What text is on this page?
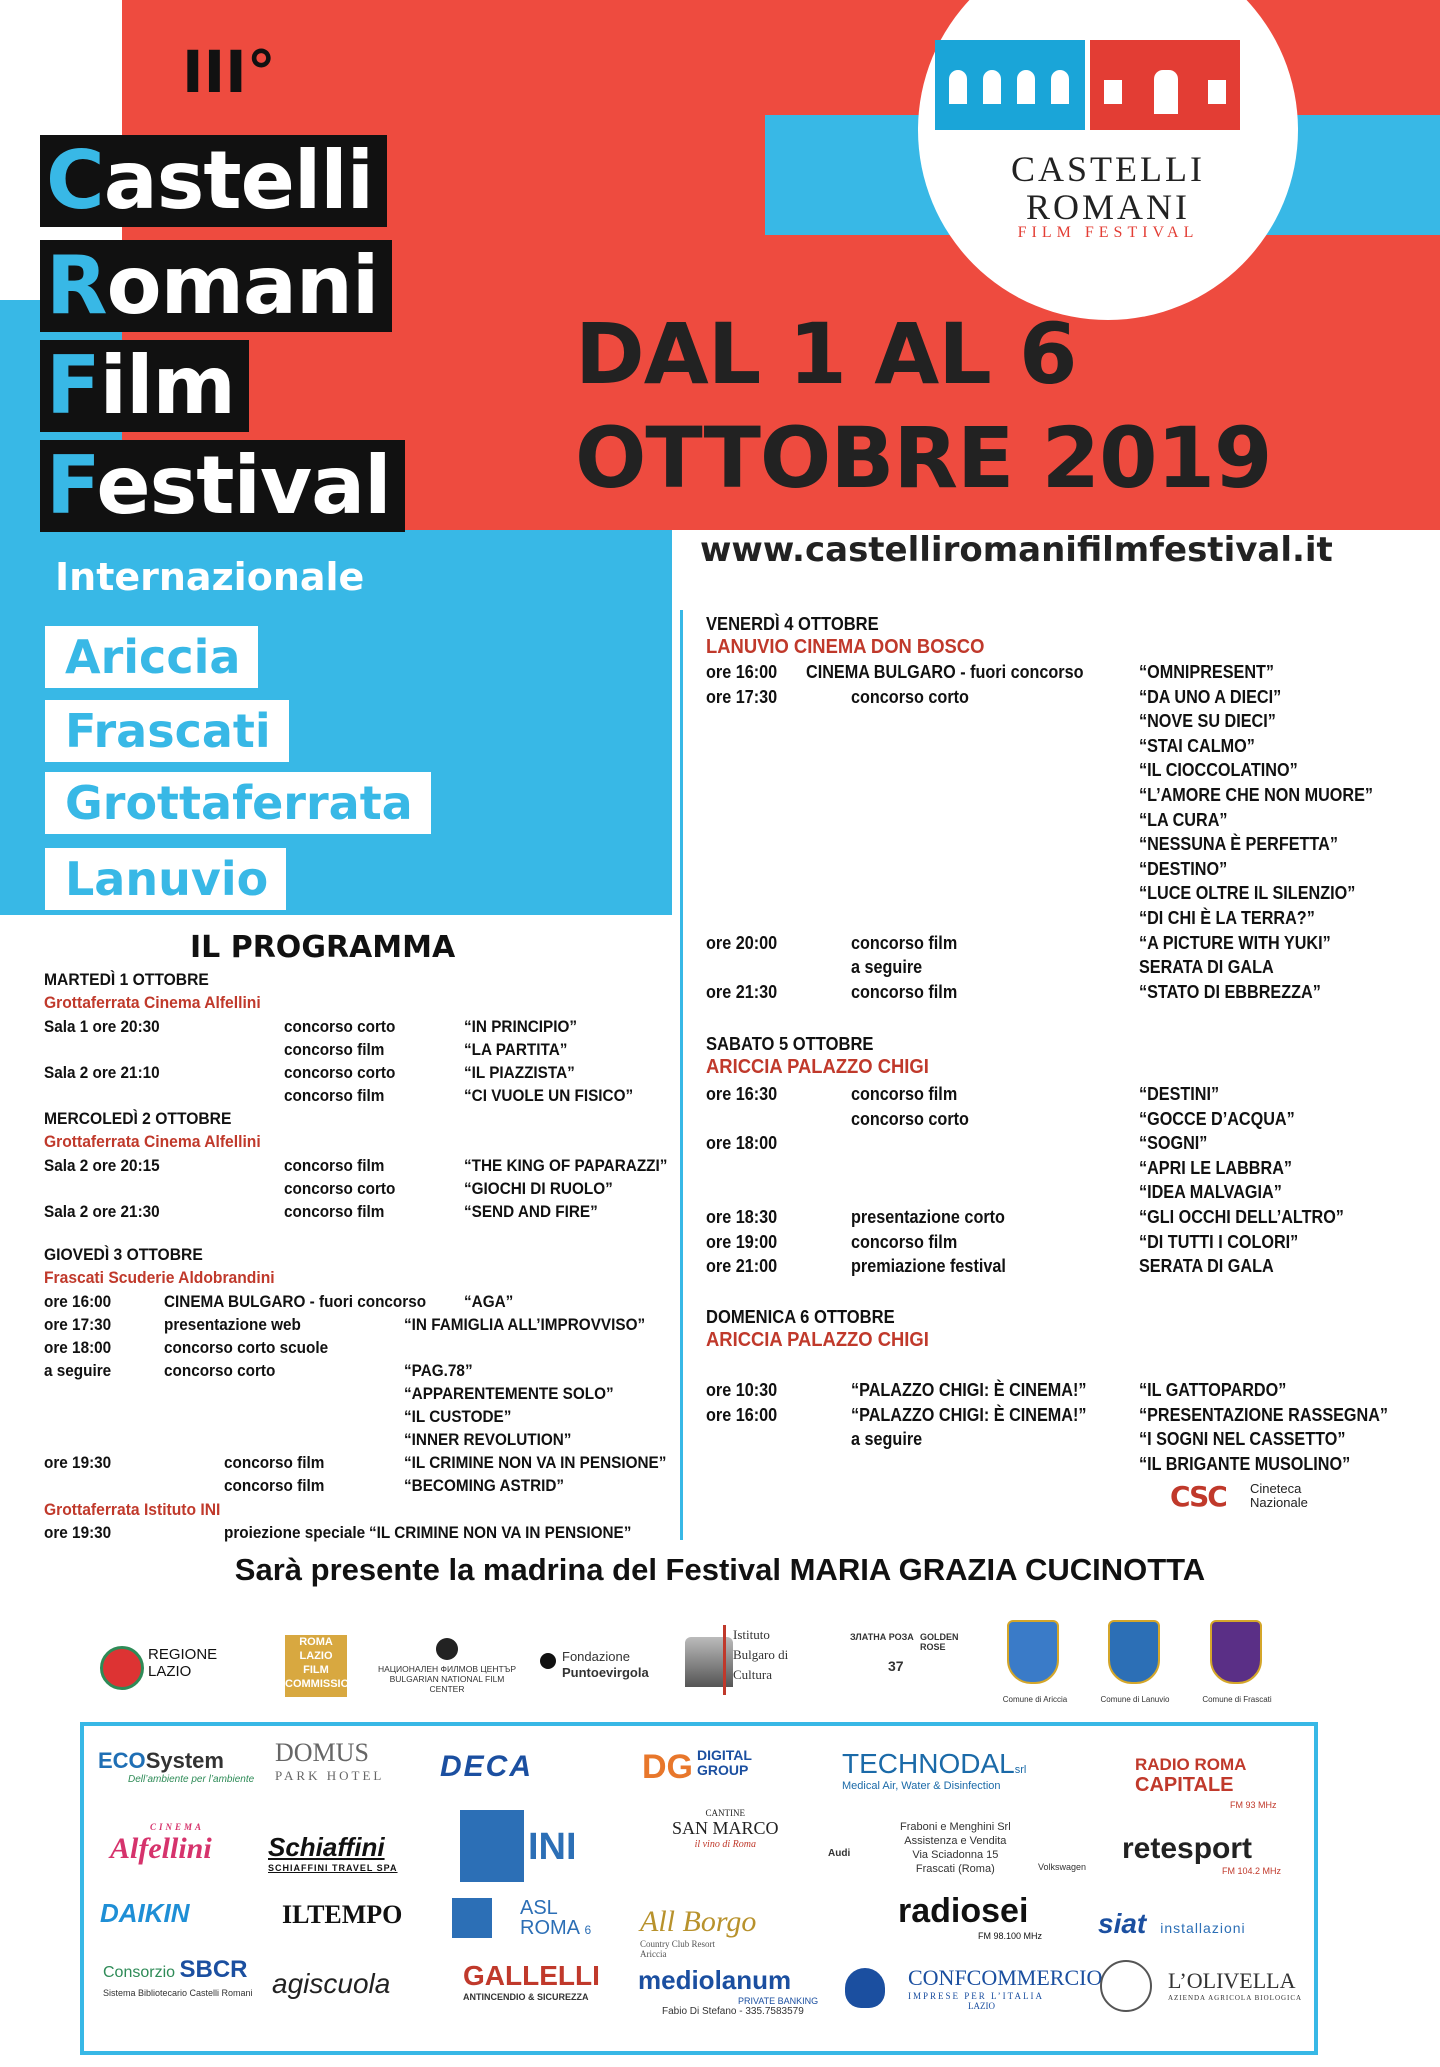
III°
Castelli
Romani
Film
Festival
CASTELLI
ROMANI
FILM FESTIVAL
DAL 1 AL 6
OTTOBRE 2019
www.castelliromanifilmfestival.it
Internazionale
Ariccia
Frascati
Grottaferrata
Lanuvio
IL PROGRAMMA
MARTEDÌ 1 OTTOBRE
Grottaferrata Cinema Alfellini
Sala 1 ore 20:30	concorso corto	“IN PRINCIPIO”
concorso film	“LA PARTITA”
Sala 2 ore 21:10	concorso corto	“IL PIAZZISTA”
concorso film	“CI VUOLE UN FISICO”
MERCOLEDÌ 2 OTTOBRE
Grottaferrata Cinema Alfellini
Sala 2 ore 20:15	concorso film	“THE KING OF PAPARAZZI”
concorso corto	“GIOCHI DI RUOLO”
Sala 2 ore 21:30	concorso film	“SEND AND FIRE”
GIOVEDÌ 3 OTTOBRE
Frascati Scuderie Aldobrandini
ore 16:00	CINEMA BULGARO - fuori concorso “AGA”
ore 17:30	presentazione web	“IN FAMIGLIA ALL’IMPROVVISO”
ore 18:00	concorso corto scuole
a seguire	concorso corto	“PAG.78”
“APPARENTEMENTE SOLO”
“IL CUSTODE”
“INNER REVOLUTION”
ore 19:30	concorso film	“IL CRIMINE NON VA IN PENSIONE”
concorso film	“BECOMING ASTRID”
Grottaferrata Istituto INI
ore 19:30	proiezione speciale “IL CRIMINE NON VA IN PENSIONE”
VENERDÌ 4 OTTOBRE
LANUVIO CINEMA DON BOSCO
ore 16:00 CINEMA BULGARO - fuori concorso	“OMNIPRESENT”
ore 17:30	concorso corto	“DA UNO A DIECI”
“NOVE SU DIECI”
“STAI CALMO”
“IL CIOCCOLATINO”
“L’AMORE CHE NON MUORE”
“LA CURA”
“NESSUNA È PERFETTA”
“DESTINO”
“LUCE OLTRE IL SILENZIO”
“DI CHI È LA TERRA?”
ore 20:00	concorso film	“A PICTURE WITH YUKI”
a seguire	SERATA DI GALA
ore 21:30	concorso film	“STATO DI EBBREZZA”
SABATO 5 OTTOBRE
ARICCIA PALAZZO CHIGI
ore 16:30	concorso film	“DESTINI”
concorso corto	“GOCCE D’ACQUA”
ore 18:00	“SOGNI”
“APRI LE LABBRA”
“IDEA MALVAGIA”
ore 18:30	presentazione corto	“GLI OCCHI DELL’ALTRO”
ore 19:00	concorso film	“DI TUTTI I COLORI”
ore 21:00	premiazione festival	SERATA DI GALA
DOMENICA 6 OTTOBRE
ARICCIA PALAZZO CHIGI
ore 10:30	“PALAZZO CHIGI: È CINEMA!”	“IL GATTOPARDO”
ore 16:00	“PALAZZO CHIGI: È CINEMA!”	“PRESENTAZIONE RASSEGNA”
a seguire	“I SOGNI NEL CASSETTO”
“IL BRIGANTE MUSOLINO”
CSC Cineteca
Nazionale
Sarà presente la madrina del Festival MARIA GRAZIA CUCINOTTA
REGIONE
LAZIO
ROMA
LAZIO
FILM
COMMISSION
НАЦИОНАЛЕН ФИЛМОВ ЦЕНТЪР
BULGARIAN NATIONAL FILM CENTER
Fondazione
Puntoevirgola
Istituto
Bulgaro di
Cultura
ЗЛАТНА РОЗА
37
GOLDEN ROSE
Comune di Ariccia	Comune di Lanuvio	Comune di Frascati
ECOSystem
Dell’ambiente per l’ambiente
DOMUS
PARK HOTEL DECA	DG DIGITAL
GROUP	TECHNODALsrl
Medical Air, Water & Disinfection
RADIO ROMA
CAPITALE
FM 93 MHz
CINEMA
Alfellini Schiaffini
SCHIAFFINI TRAVEL SPA	INI
CANTINE
SAN MARCO
il vino di Roma
Audi
Fraboni e Menghini Srl
Assistenza e Vendita
Via Sciadonna 15
Frascati (Roma)	Volkswagen
retesport
FM 104.2 MHz
DAIKIN	ILTEMPO	ASL
ROMA 6 All Borgo
Country Club Resort
Ariccia
radiosei
FM 98.100 MHz siat installazioni
Consorzio SBCR
Sistema Bibliotecario Castelli Romani agiscuola	GALLELLI
ANTINCENDIO & SICUREZZA
mediolanum
PRIVATE BANKING
Fabio Di Stefano - 335.7583579
CONFCOMMERCIO
IMPRESE PER L’ITALIA
LAZIO
L’OLIVELLA
AZIENDA AGRICOLA BIOLOGICA
